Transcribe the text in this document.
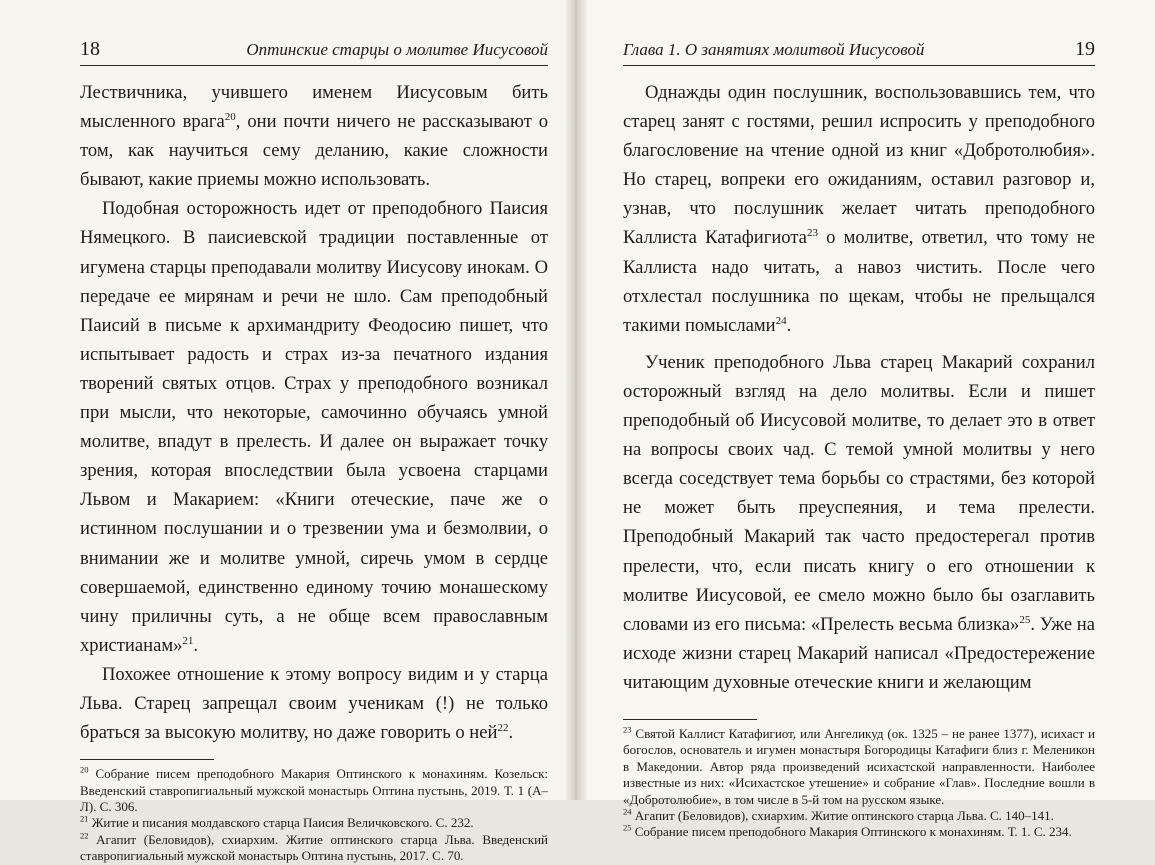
18	Оптинские старцы о молитве Иисусовой

Лествичника, учившего именем Иисусовым бить мысленного врага$^{20}$, они почти ничего не рассказывают о том, как научиться сему деланию, какие сложности бывают, какие приемы можно использовать.

Подобная осторожность идет от преподобного Паисия Нямецкого. В паисиевской традиции поставленные от игумена старцы преподавали молитву Иисусову инокам. О передаче ее мирянам и речи не шло. Сам преподобный Паисий в письме к архимандриту Феодосию пишет, что испытывает радость и страх из-за печатного издания творений святых отцов. Страх у преподобного возникал при мысли, что некоторые, самочинно обучаясь умной молитве, впадут в прелесть. И далее он выражает точку зрения, которая впоследствии была усвоена старцами Львом и Макарием: «Книги отеческие, паче же о истинном послушании и о трезвении ума и безмолвии, о внимании же и молитве умной, сиречь умом в сердце совершаемой, единственно единому точию монашескому чину приличны суть, а не обще всем православным христианам»$^{21}$.

Похожее отношение к этому вопросу видим и у старца Льва. Старец запрещал своим ученикам (!) не только браться за высокую молитву, но даже говорить о ней$^{22}$.

$^{20}$ Собрание писем преподобного Макария Оптинского к монахиням. Козельск: Введенский ставропигиальный мужской монастырь Оптина пустынь, 2019. Т. 1 (А–Л). С. 306.

$^{21}$ Житие и писания молдавского старца Паисия Величковского. С. 232.

$^{22}$ Агапит (Беловидов), схиархим. Житие оптинского старца Льва. Введенский ставропигиальный мужской монастырь Оптина пустынь, 2017. С. 70.

Глава 1. О занятиях молитвой Иисусовой	19

Однажды один послушник, воспользовавшись тем, что старец занят с гостями, решил испросить у преподобного благословение на чтение одной из книг «Добротолюбия». Но старец, вопреки его ожиданиям, оставил разговор и, узнав, что послушник желает читать преподобного Каллиста Катафигиота$^{23}$ о молитве, ответил, что тому не Каллиста надо читать, а навоз чистить. После чего отхлестал послушника по щекам, чтобы не прельщался такими помыслами$^{24}$.

Ученик преподобного Льва старец Макарий сохранил осторожный взгляд на дело молитвы. Если и пишет преподобный об Иисусовой молитве, то делает это в ответ на вопросы своих чад. С темой умной молитвы у него всегда соседствует тема борьбы со страстями, без которой не может быть преуспеяния, и тема прелести. Преподобный Макарий так часто предостерегал против прелести, что, если писать книгу о его отношении к молитве Иисусовой, ее смело можно было бы озаглавить словами из его письма: «Прелесть весьма близка»$^{25}$. Уже на исходе жизни старец Макарий написал «Предостережение читающим духовные отеческие книги и желающим

$^{23}$ Святой Каллист Катафигиот, или Ангеликуд (ок. 1325 – не ранее 1377), исихаст и богослов, основатель и игумен монастыря Богородицы Катафиги близ г. Меленикон в Македонии. Автор ряда произведений исихастской направленности. Наиболее известные из них: «Исихастское утешение» и собрание «Глав». Последние вошли в «Добротолюбие», в том числе в 5-й том на русском языке.

$^{24}$ Агапит (Беловидов), схиархим. Житие оптинского старца Льва. С. 140–141.

$^{25}$ Собрание писем преподобного Макария Оптинского к монахиням. Т. 1. С. 234.
